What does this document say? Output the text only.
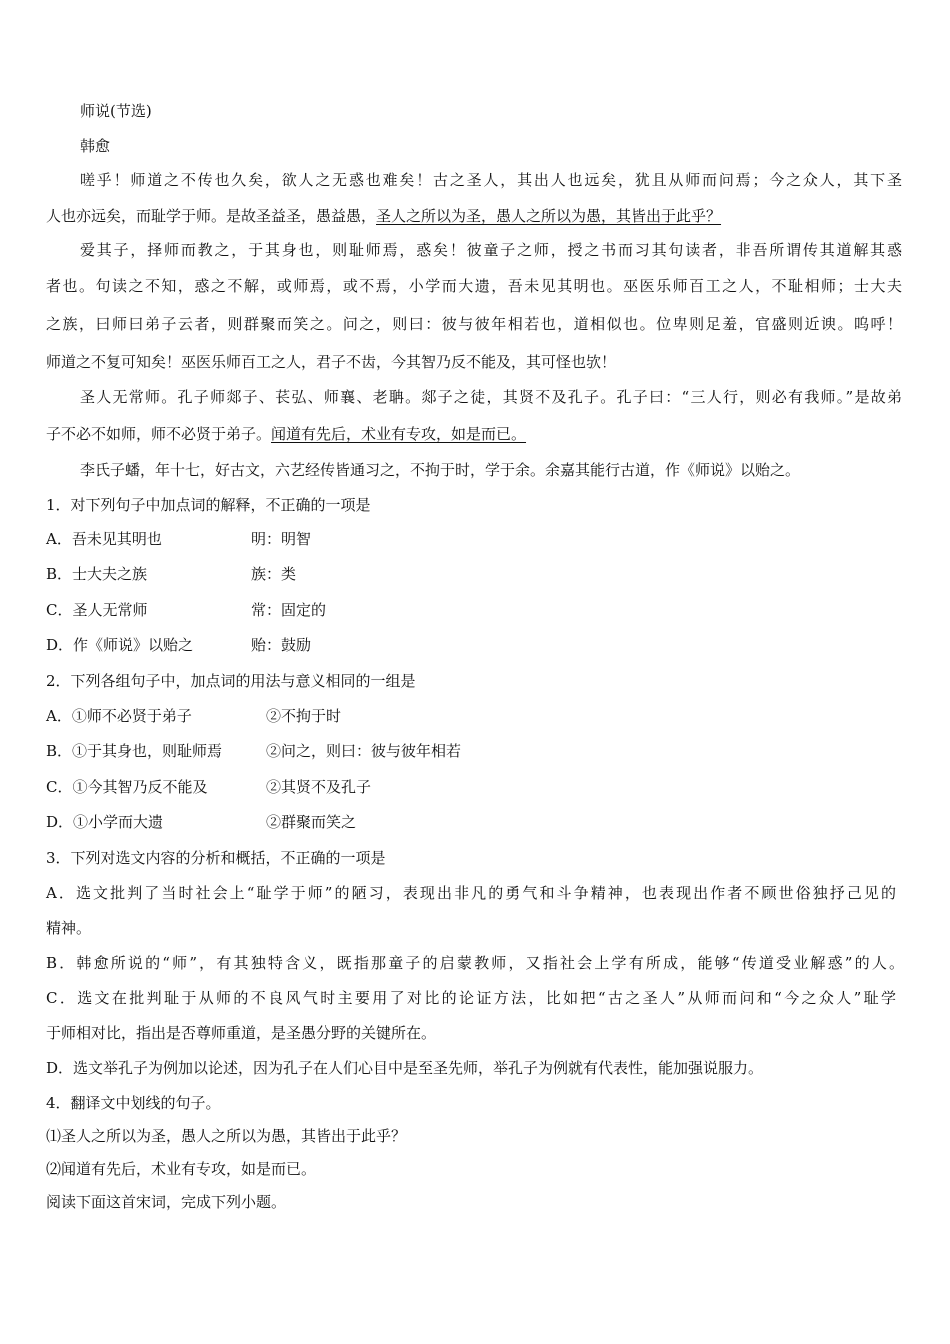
师说(节选)
韩愈
嗟乎！师道之不传也久矣，欲人之无惑也难矣！古之圣人，其出人也远矣，犹且从师而问焉；今之众人，其下圣
人也亦远矣，而耻学于师。是故圣益圣，愚益愚，圣人之所以为圣，愚人之所以为愚，其皆出于此乎？
爱其子，择师而教之，于其身也，则耻师焉，惑矣！彼童子之师，授之书而习其句读者，非吾所谓传其道解其惑
者也。句读之不知，惑之不解，或师焉，或不焉，小学而大遗，吾未见其明也。巫医乐师百工之人，不耻相师；士大夫
之族，曰师曰弟子云者，则群聚而笑之。问之，则曰：彼与彼年相若也，道相似也。位卑则足羞，官盛则近谀。呜呼！
师道之不复可知矣！巫医乐师百工之人，君子不齿，今其智乃反不能及，其可怪也欤！
圣人无常师。孔子师郯子、苌弘、师襄、老聃。郯子之徒，其贤不及孔子。孔子曰：“三人行，则必有我师。”是故弟
子不必不如师，师不必贤于弟子。闻道有先后，术业有专攻，如是而已。
李氏子蟠，年十七，好古文，六艺经传皆通习之，不拘于时，学于余。余嘉其能行古道，作《师说》以贻之。
1．对下列句子中加点词的解释，不正确的一项是
A．吾未见其明也	明：明智
B．士大夫之族	族：类
C．圣人无常师	常：固定的
D．作《师说》以贻之	贻：鼓励
2．下列各组句子中，加点词的用法与意义相同的一组是
A．①师不必贤于弟子	②不拘于时
B．①于其身也，则耻师焉	②问之，则曰：彼与彼年相若
C．①今其智乃反不能及	②其贤不及孔子
D．①小学而大遗	②群聚而笑之
3．下列对选文内容的分析和概括，不正确的一项是
A．选文批判了当时社会上“耻学于师”的陋习，表现出非凡的勇气和斗争精神，也表现出作者不顾世俗独抒己见的
精神。
B．韩愈所说的“师”，有其独特含义，既指那童子的启蒙教师，又指社会上学有所成，能够“传道受业解惑”的人。
C．选文在批判耻于从师的不良风气时主要用了对比的论证方法，比如把“古之圣人”从师而问和“今之众人”耻学
于师相对比，指出是否尊师重道，是圣愚分野的关键所在。
D．选文举孔子为例加以论述，因为孔子在人们心目中是至圣先师，举孔子为例就有代表性，能加强说服力。
4．翻译文中划线的句子。
⑴圣人之所以为圣，愚人之所以为愚，其皆出于此乎？
⑵闻道有先后，术业有专攻，如是而已。
阅读下面这首宋词，完成下列小题。
